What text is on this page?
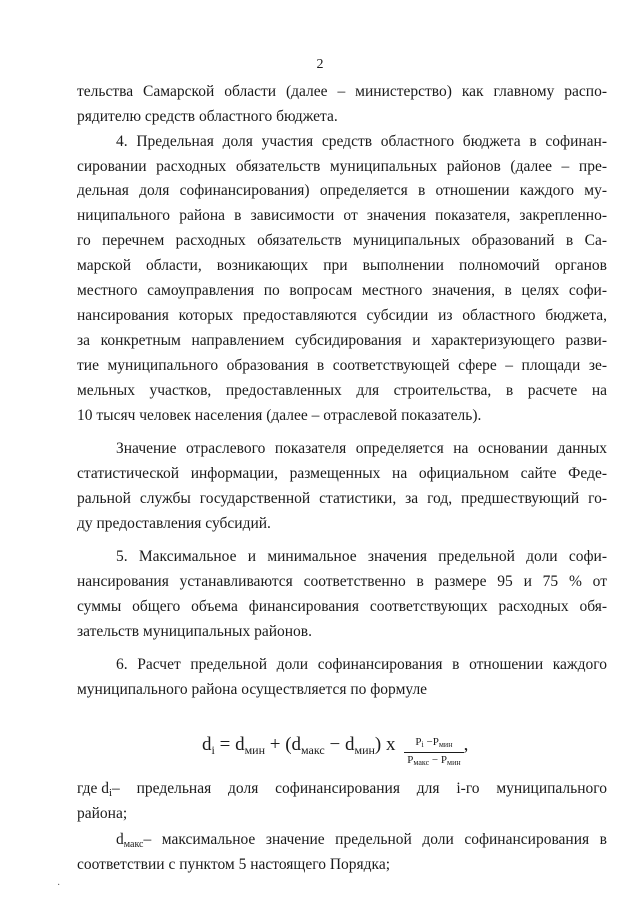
2
тельства Самарской области (далее – министерство) как главному распо-
рядителю средств областного бюджета.
4. Предельная доля участия средств областного бюджета в софинан-
сировании расходных обязательств муниципальных районов (далее – пре-
дельная доля софинансирования) определяется в отношении каждого му-
ниципального района в зависимости от значения показателя, закрепленно-
го перечнем расходных обязательств муниципальных образований в Са-
марской области, возникающих при выполнении полномочий органов
местного самоуправления по вопросам местного значения, в целях софи-
нансирования которых предоставляются субсидии из областного бюджета,
за конкретным направлением субсидирования и характеризующего разви-
тие муниципального образования в соответствующей сфере – площади зе-
мельных участков, предоставленных для строительства, в расчете на
10 тысяч человек населения (далее – отраслевой показатель).
Значение отраслевого показателя определяется на основании данных
статистической информации, размещенных на официальном сайте Феде-
ральной службы государственной статистики, за год, предшествующий го-
ду предоставления субсидий.
5. Максимальное и минимальное значения предельной доли софи-
нансирования устанавливаются соответственно в размере 95 и 75 % от
суммы общего объема финансирования соответствующих расходных обя-
зательств муниципальных районов.
6. Расчет предельной доли софинансирования в отношении каждого
муниципального района осуществляется по формуле
$d_i = d_{мин} + (d_{макс} - d_{мин})$ x $\frac{\text{Pi −Pмин}}{\text{Pмакс − Pмин}}$ ,
где di – предельная доля софинансирования для i-го муниципального
района;
dмакс – максимальное значение предельной доли софинансирования в
соответствии с пунктом 5 настоящего Порядка;
·
